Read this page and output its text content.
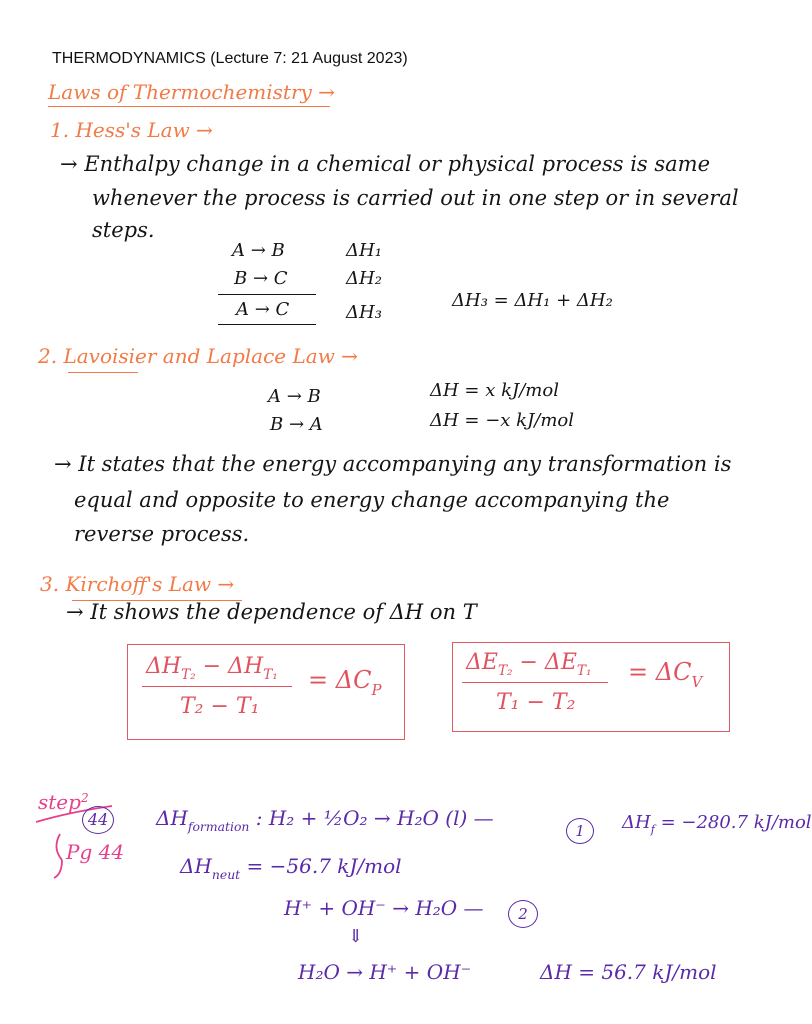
THERMODYNAMICS (Lecture 7: 21 August 2023)
Laws of Thermochemistry →
1. Hess's Law →
→ Enthalpy change in a chemical or physical process is same
whenever the process is carried out in one step or in several
steps.
A → B	ΔH₁
B → C	ΔH₂
A → C	ΔH₃
ΔH₃ = ΔH₁ + ΔH₂
2. Lavoisier and Laplace Law →
A → B	ΔH = x kJ/mol
B → A	ΔH = −x kJ/mol
→ It states that the energy accompanying any transformation is
equal and opposite to energy change accompanying the
reverse process.
3. Kirchoff's Law →
→ It shows the dependence of ΔH on T
$\Delta H_{T_2} - \Delta H_{T_1}$
T₂ − T₁
= $\Delta C_P$
$\Delta E_{T_2} - \Delta E_{T_1}$
T₁ − T₂
= $\Delta C_V$
step$^2$
44
Pg 44
$\Delta H_{formation}$ : H₂ + ½O₂ → H₂O (l) —
1	$\Delta H_f = -280.7$ kJ/mol
$\Delta H_{neut} = -56.7$ kJ/mol
H⁺ + OH⁻ → H₂O —	2
⇓
H₂O → H⁺ + OH⁻	ΔH = 56.7 kJ/mol
